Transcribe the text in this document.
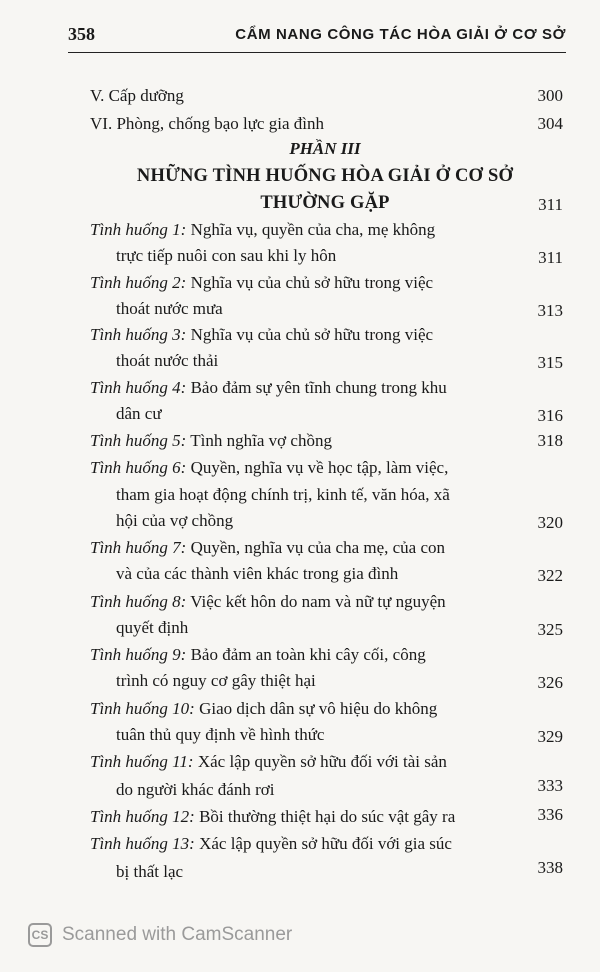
358	CẨM NANG CÔNG TÁC HÒA GIẢI Ở CƠ SỞ
V. Cấp dưỡng	300
VI. Phòng, chống bạo lực gia đình	304
PHẦN III
NHỮNG TÌNH HUỐNG HÒA GIẢI Ở CƠ SỞ
THƯỜNG GẶP	311
Tình huống 1: Nghĩa vụ, quyền của cha, mẹ không
trực tiếp nuôi con sau khi ly hôn	311
Tình huống 2: Nghĩa vụ của chủ sở hữu trong việc
thoát nước mưa	313
Tình huống 3: Nghĩa vụ của chủ sở hữu trong việc
thoát nước thải	315
Tình huống 4: Bảo đảm sự yên tĩnh chung trong khu
dân cư	316
Tình huống 5: Tình nghĩa vợ chồng	318
Tình huống 6: Quyền, nghĩa vụ về học tập, làm việc,
tham gia hoạt động chính trị, kinh tế, văn hóa, xã
hội của vợ chồng	320
Tình huống 7: Quyền, nghĩa vụ của cha mẹ, của con
và của các thành viên khác trong gia đình	322
Tình huống 8: Việc kết hôn do nam và nữ tự nguyện
quyết định	325
Tình huống 9: Bảo đảm an toàn khi cây cối, công
trình có nguy cơ gây thiệt hại	326
Tình huống 10: Giao dịch dân sự vô hiệu do không
tuân thủ quy định về hình thức	329
Tình huống 11: Xác lập quyền sở hữu đối với tài sản
do người khác đánh rơi	333
Tình huống 12: Bồi thường thiệt hại do súc vật gây ra	336
Tình huống 13: Xác lập quyền sở hữu đối với gia súc
bị thất lạc	338
CS Scanned with CamScanner
